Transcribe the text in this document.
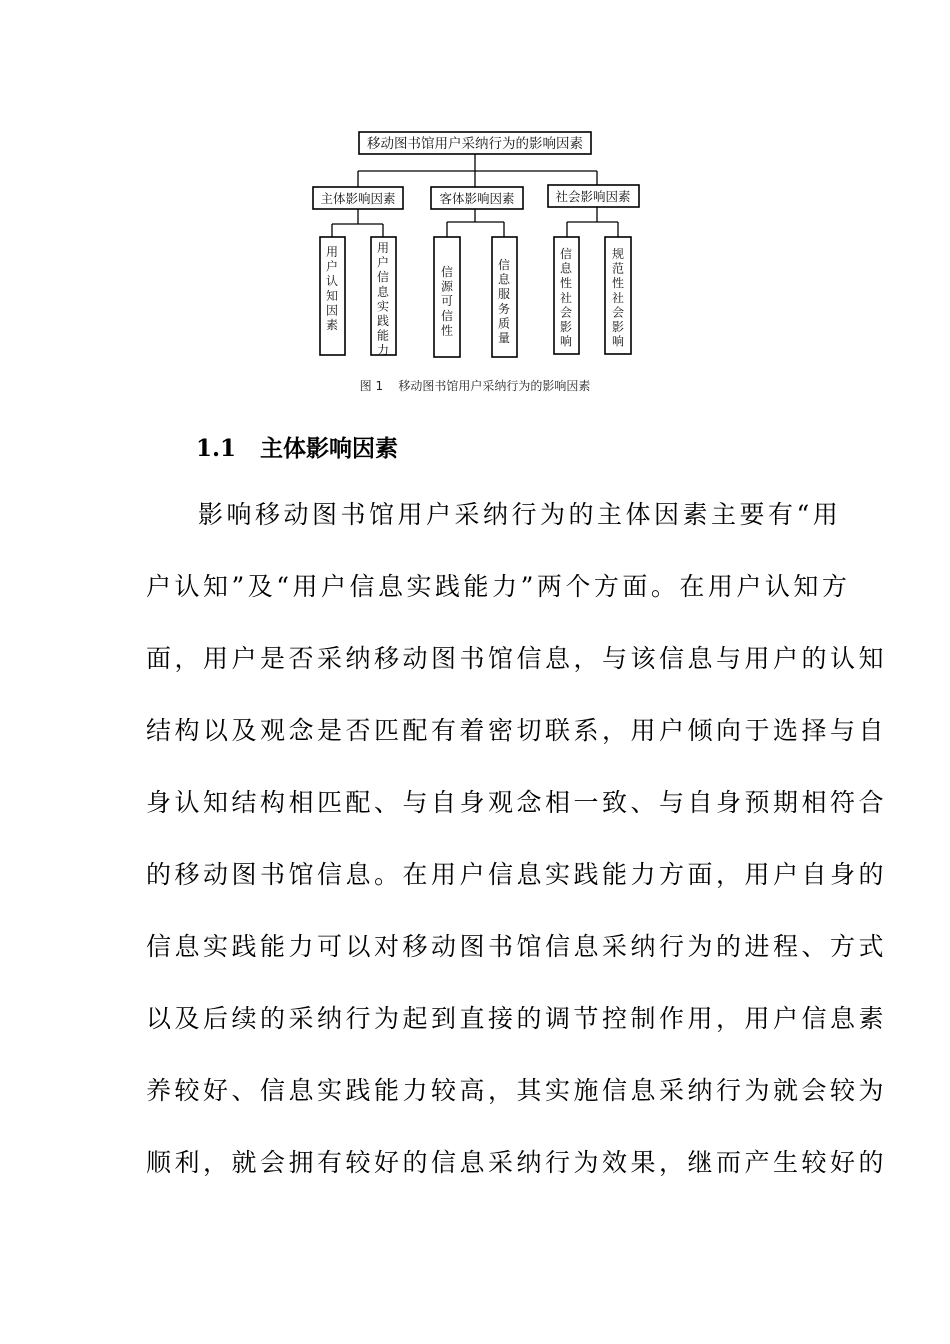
移动图书馆用户采纳行为的影响因素
主体影响因素	客体影响因素	社会影响因素
用户认知因素
用户信息实践能力
信源可信性
信息服务质量
信息性社会影响
规范性社会影响
图 1    移动图书馆用户采纳行为的影响因素
1.1   主体影响因素
影响移动图书馆用户采纳行为的主体因素主要有“用
户认知”及“用户信息实践能力”两个方面。在用户认知方
面，用户是否采纳移动图书馆信息，与该信息与用户的认知
结构以及观念是否匹配有着密切联系，用户倾向于选择与自
身认知结构相匹配、与自身观念相一致、与自身预期相符合
的移动图书馆信息。在用户信息实践能力方面，用户自身的
信息实践能力可以对移动图书馆信息采纳行为的进程、方式
以及后续的采纳行为起到直接的调节控制作用，用户信息素
养较好、信息实践能力较高，其实施信息采纳行为就会较为
顺利，就会拥有较好的信息采纳行为效果，继而产生较好的
